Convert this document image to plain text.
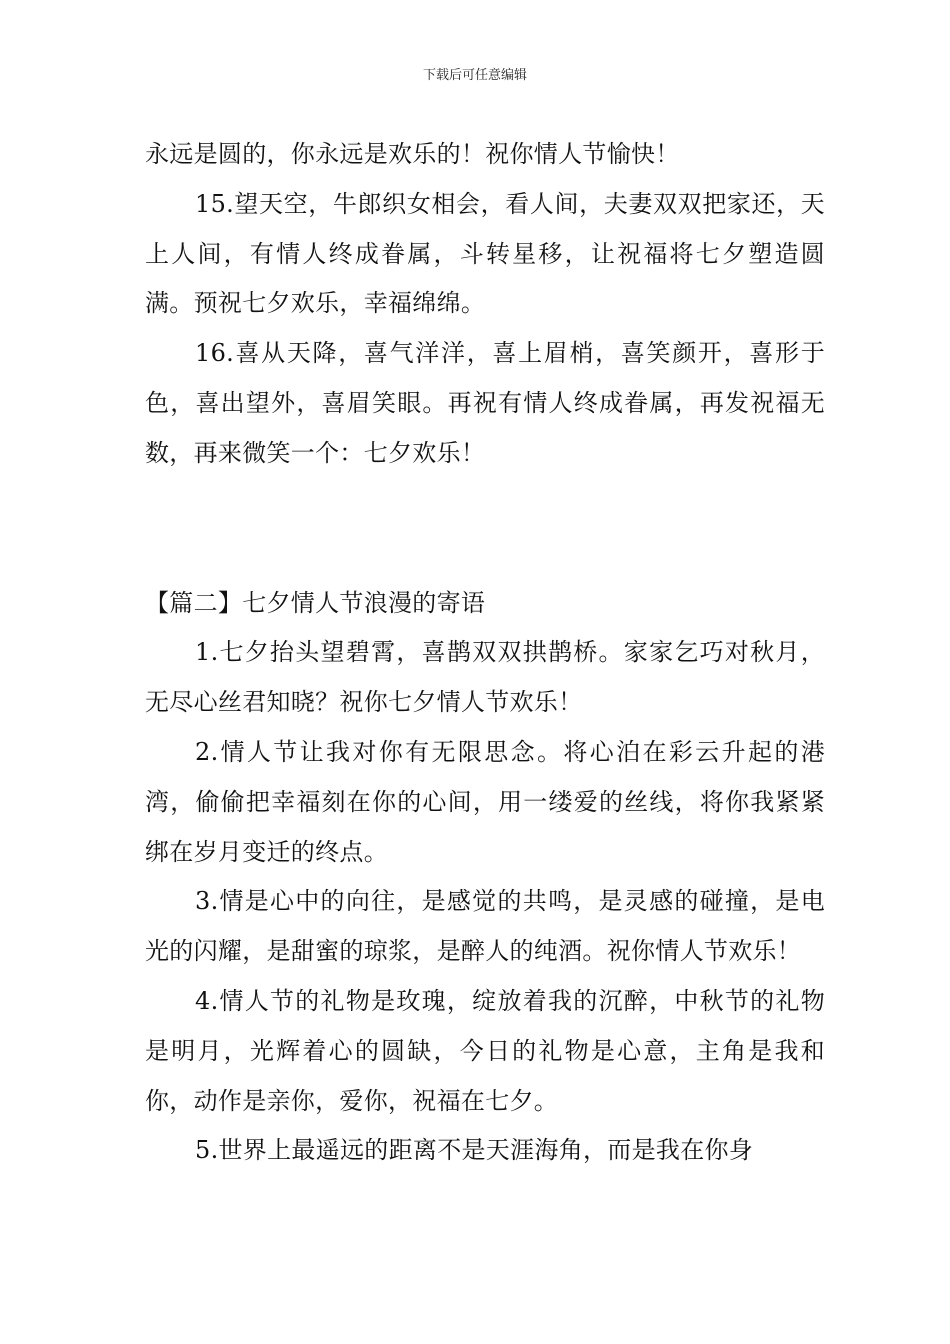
下载后可任意编辑

永远是圆的，你永远是欢乐的！祝你情人节愉快！

15.望天空，牛郎织女相会，看人间，夫妻双双把家还，天上人间，有情人终成眷属，斗转星移，让祝福将七夕塑造圆满。预祝七夕欢乐，幸福绵绵。

16.喜从天降，喜气洋洋，喜上眉梢，喜笑颜开，喜形于色，喜出望外，喜眉笑眼。再祝有情人终成眷属，再发祝福无数，再来微笑一个：七夕欢乐！

【篇二】七夕情人节浪漫的寄语

1.七夕抬头望碧霄，喜鹊双双拱鹊桥。家家乞巧对秋月，无尽心丝君知晓？祝你七夕情人节欢乐！

2.情人节让我对你有无限思念。将心泊在彩云升起的港湾，偷偷把幸福刻在你的心间，用一缕爱的丝线，将你我紧紧绑在岁月变迁的终点。

3.情是心中的向往，是感觉的共鸣，是灵感的碰撞，是电光的闪耀，是甜蜜的琼浆，是醉人的纯酒。祝你情人节欢乐！

4.情人节的礼物是玫瑰，绽放着我的沉醉，中秋节的礼物是明月，光辉着心的圆缺，今日的礼物是心意，主角是我和你，动作是亲你，爱你，祝福在七夕。

5.世界上最遥远的距离不是天涯海角，而是我在你身
